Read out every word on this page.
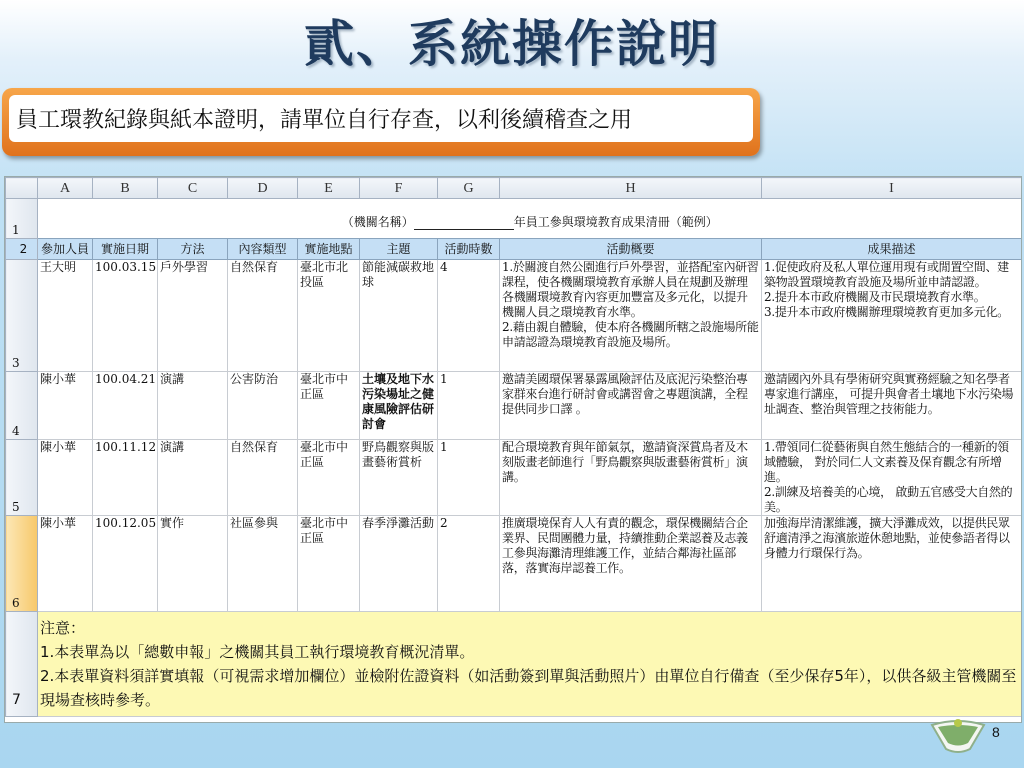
貳、系統操作說明
員工環教紀錄與紙本證明，請單位自行存查，以利後續稽查之用
	A	B	C	D	E	F	G	H	I
1	（機關名稱） 年員工參與環境教育成果清冊（範例）								
2	參加人員	實施日期	方法	內容類型	實施地點	主題	活動時數	活動概要	成果描述
3	王大明	100.03.15	戶外學習	自然保育	臺北市北投區	節能減碳救地球	4	1.於關渡自然公園進行戶外學習，並搭配室內研習課程，使各機關環境教育承辦人員在規劃及辦理各機關環境教育內容更加豐富及多元化，以提升機關人員之環境教育水準。
2.藉由親自體驗，使本府各機關所轄之設施場所能申請認證為環境教育設施及場所。	1.促使政府及私人單位運用現有或閒置空間、建築物設置環境教育設施及場所並申請認證。
2.提升本市政府機關及市民環境教育水準。
3.提升本市政府機關辦理環境教育更加多元化。
4	陳小華	100.04.21	演講	公害防治	臺北市中正區	土壤及地下水污染場址之健康風險評估研討會	1	邀請美國環保署暴露風險評估及底泥污染整治專家群來台進行研討會或講習會之專題演講，全程提供同步口譯 。	邀請國內外具有學術研究與實務經驗之知名學者專家進行講座， 可提升與會者土壤地下水污染場址調查、整治與管理之技術能力。
5	陳小華	100.11.12	演講	自然保育	臺北市中正區	野鳥觀察與版畫藝術賞析	1	配合環境教育與年節氣氛，邀請資深賞鳥者及木刻版畫老師進行「野鳥觀察與版畫藝術賞析」演講。	1.帶領同仁從藝術與自然生態結合的一種新的領域體驗， 對於同仁人文素養及保育觀念有所增進。
2.訓練及培養美的心境， 啟動五官感受大自然的美。
6	陳小華	100.12.05	實作	社區參與	臺北市中正區	春季淨灘活動	2	推廣環境保育人人有責的觀念，環保機關結合企業界、民間團體力量，持續推動企業認養及志義工參與海灘清理維護工作，並結合鄰海社區部落，落實海岸認養工作。	加強海岸清潔維護，擴大淨灘成效，以提供民眾舒適清淨之海濱旅遊休憩地點，並使參語者得以身體力行環保行為。
7	注意：
1.本表單為以「總數申報」之機關其員工執行環境教育概況清單。
2.本表單資料須詳實填報（可視需求增加欄位）並檢附佐證資料（如活動簽到單與活動照片）由單位自行備查（至少保存5年），以供各級主管機關至現場查核時參考。								
8
